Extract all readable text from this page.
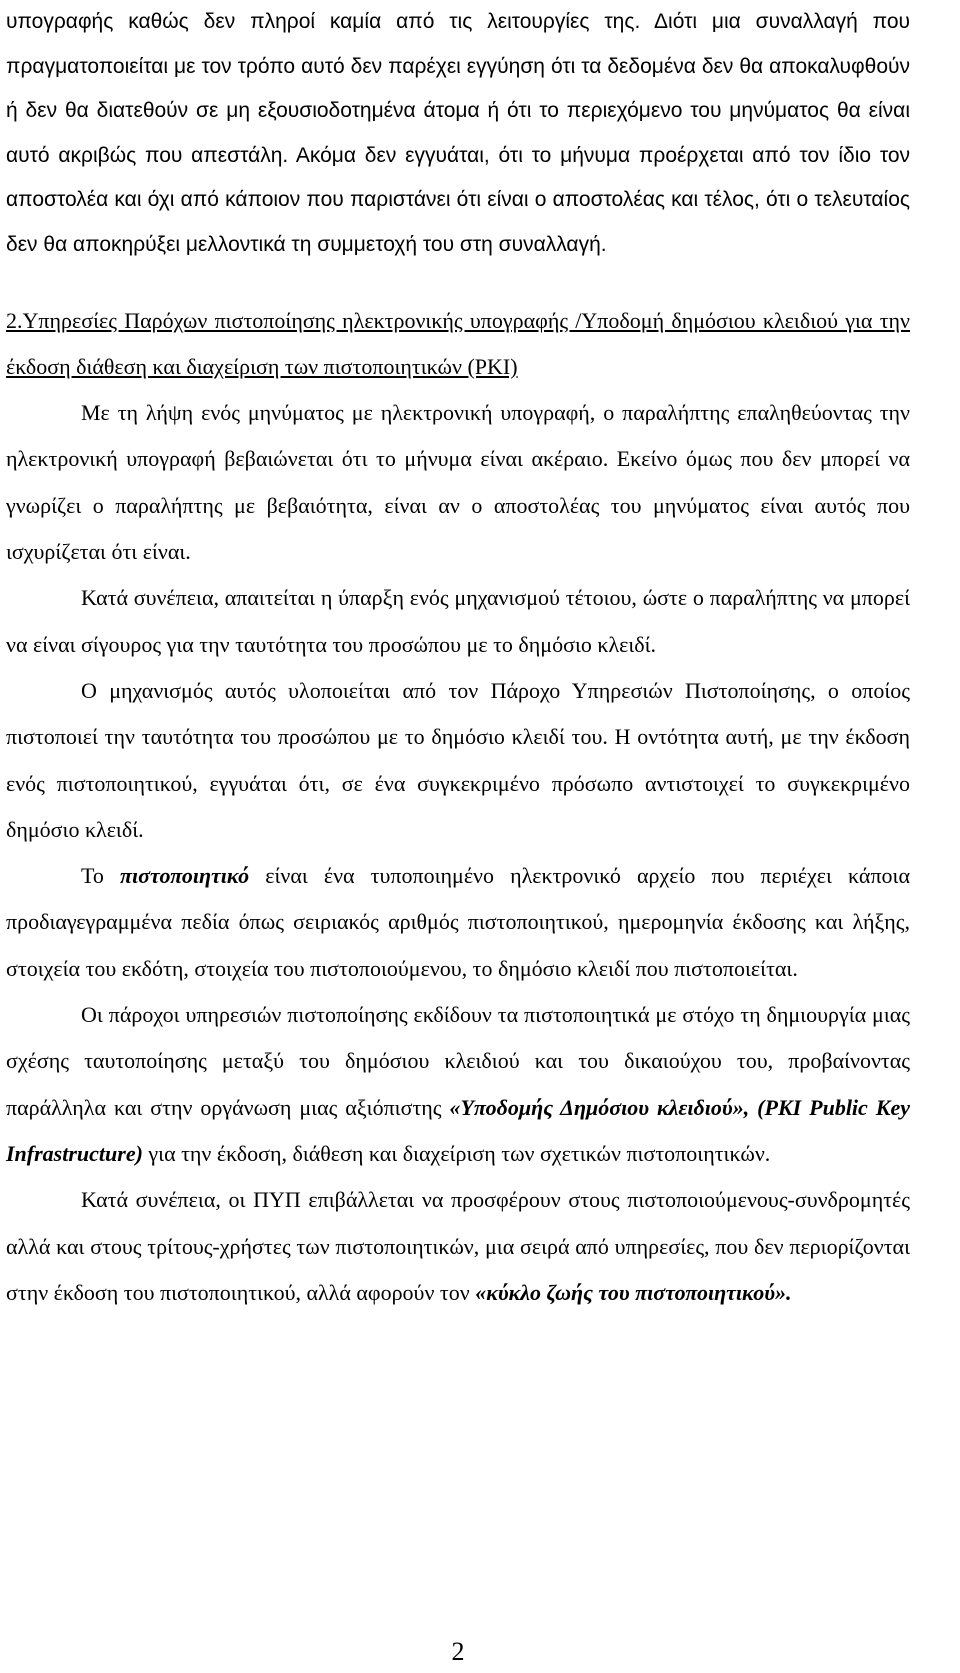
υπογραφής καθώς δεν πληροί καμία από τις λειτουργίες της. Διότι μια συναλλαγή που πραγματοποιείται με τον τρόπο αυτό δεν παρέχει εγγύηση ότι τα δεδομένα δεν θα αποκαλυφθούν ή δεν θα διατεθούν σε μη εξουσιοδοτημένα άτομα ή ότι το περιεχόμενο του μηνύματος θα είναι αυτό ακριβώς που απεστάλη. Ακόμα δεν εγγυάται, ότι το μήνυμα προέρχεται από τον ίδιο τον αποστολέα και όχι από κάποιον που παριστάνει ότι είναι ο αποστολέας και τέλος, ότι ο τελευταίος δεν θα αποκηρύξει μελλοντικά τη συμμετοχή του στη συναλλαγή.

2.Υπηρεσίες Παρόχων πιστοποίησης ηλεκτρονικής υπογραφής /Υποδομή δημόσιου κλειδιού για την έκδοση διάθεση και διαχείριση των πιστοποιητικών (PKI)

Με τη λήψη ενός μηνύματος με ηλεκτρονική υπογραφή, ο παραλήπτης επαληθεύοντας την ηλεκτρονική υπογραφή βεβαιώνεται ότι το μήνυμα είναι ακέραιο. Εκείνο όμως που δεν μπορεί να γνωρίζει ο παραλήπτης με βεβαιότητα, είναι αν ο αποστολέας του μηνύματος είναι αυτός που ισχυρίζεται ότι είναι.

Κατά συνέπεια, απαιτείται η ύπαρξη ενός μηχανισμού τέτοιου, ώστε ο παραλήπτης να μπορεί να είναι σίγουρος για την ταυτότητα του προσώπου με το δημόσιο κλειδί.

Ο μηχανισμός αυτός υλοποιείται από τον Πάροχο Υπηρεσιών Πιστοποίησης, ο οποίος πιστοποιεί την ταυτότητα του προσώπου με το δημόσιο κλειδί του. Η οντότητα αυτή, με την έκδοση ενός πιστοποιητικού, εγγυάται ότι, σε ένα συγκεκριμένο πρόσωπο αντιστοιχεί το συγκεκριμένο δημόσιο κλειδί.

Το πιστοποιητικό είναι ένα τυποποιημένο ηλεκτρονικό αρχείο που περιέχει κάποια προδιαγεγραμμένα πεδία όπως σειριακός αριθμός πιστοποιητικού, ημερομηνία έκδοσης και λήξης, στοιχεία του εκδότη, στοιχεία του πιστοποιούμενου, το δημόσιο κλειδί που πιστοποιείται.

Οι πάροχοι υπηρεσιών πιστοποίησης εκδίδουν τα πιστοποιητικά με στόχο τη δημιουργία μιας σχέσης ταυτοποίησης μεταξύ του δημόσιου κλειδιού και του δικαιούχου του, προβαίνοντας παράλληλα και στην οργάνωση μιας αξιόπιστης «Υποδομής Δημόσιου κλειδιού», (PKI Public Key Infrastructure) για την έκδοση, διάθεση και διαχείριση των σχετικών πιστοποιητικών.

Κατά συνέπεια, οι ΠΥΠ επιβάλλεται να προσφέρουν στους πιστοποιούμενους-συνδρομητές αλλά και στους τρίτους-χρήστες των πιστοποιητικών, μια σειρά από υπηρεσίες, που δεν περιορίζονται στην έκδοση του πιστοποιητικού, αλλά αφορούν τον «κύκλο ζωής του πιστοποιητικού».

2
